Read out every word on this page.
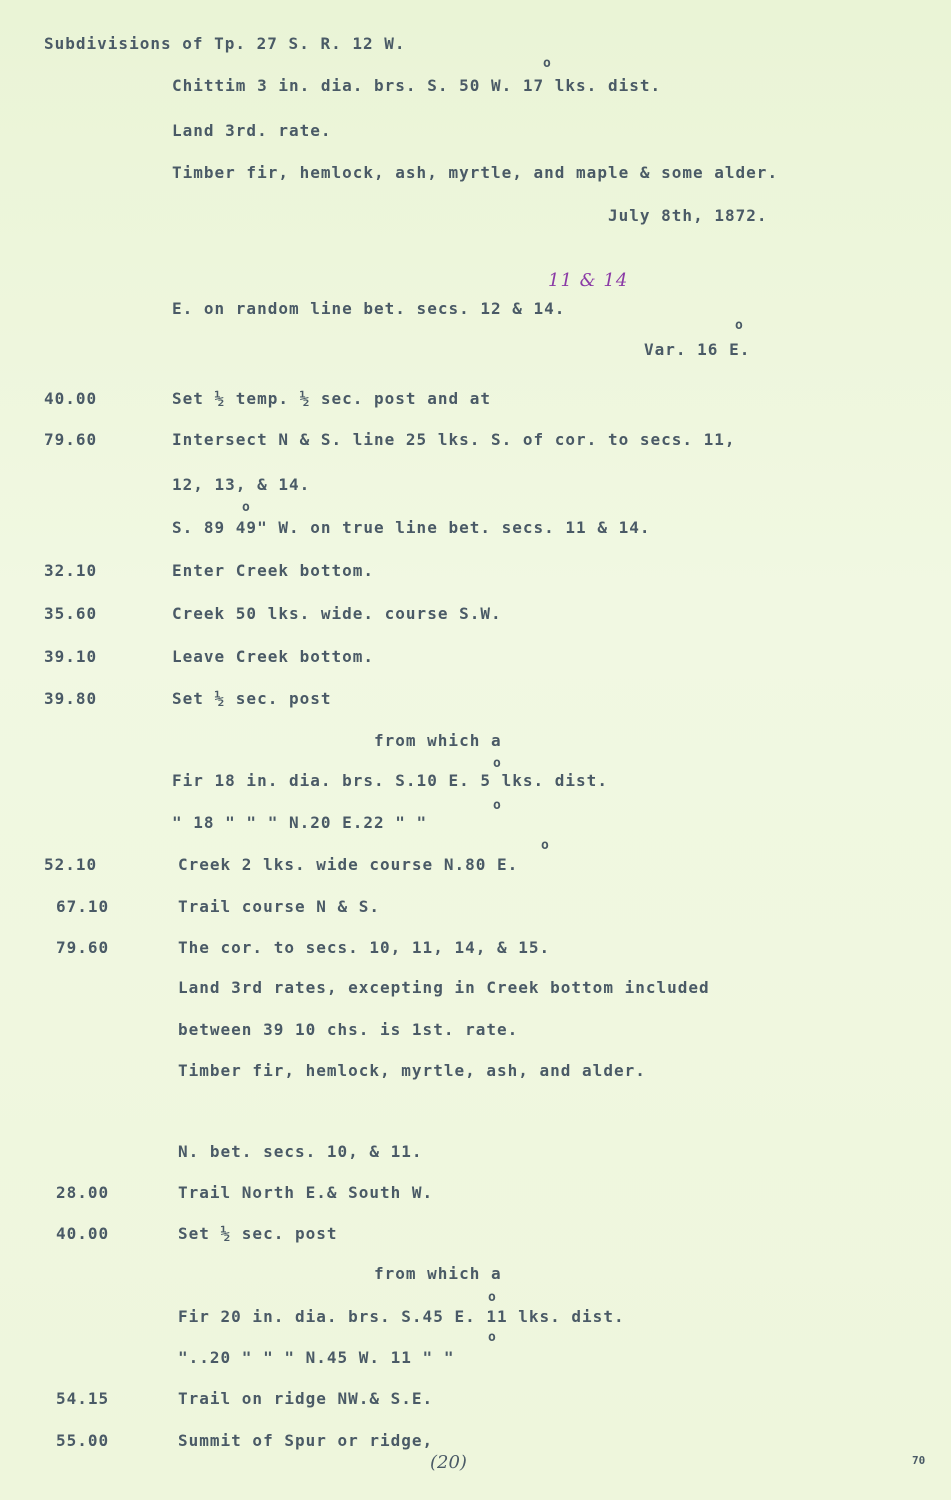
Subdivisions of Tp. 27 S. R. 12 W.
o
Chittim 3 in. dia. brs. S. 50 W. 17 lks. dist.
Land 3rd. rate.
Timber fir, hemlock, ash, myrtle, and maple & some alder.
July 8th, 1872.
11 & 14
E. on random line bet. secs. 12 & 14.
o
Var. 16 E.
40.00	Set ½ temp. ½ sec. post and at
79.60	Intersect N & S. line 25 lks. S. of cor. to secs. 11,
12, 13, & 14.
S. 89 49" W. on true line bet. secs. 11 & 14.
32.10	Enter Creek bottom.
35.60	Creek 50 lks. wide. course S.W.
39.10	Leave Creek bottom.
39.80	Set ½ sec. post
from which a
Fir 18 in. dia. brs. S.10 E. 5 lks. dist.
" 18 " " " N.20 E.22 " "
52.10	Creek 2 lks. wide course N.80 E.
67.10	Trail course N & S.
79.60	The cor. to secs. 10, 11, 14, & 15.
Land 3rd rates, excepting in Creek bottom included
between 39 10 chs. is 1st. rate.
Timber fir, hemlock, myrtle, ash, and alder.
N. bet. secs. 10, & 11.
28.00	Trail North E.& South W.
40.00	Set ½ sec. post
from which a
Fir 20 in. dia. brs. S.45 E. 11 lks. dist.
"..20 " " " N.45 W. 11 " "
54.15	Trail on ridge NW.& S.E.
55.00	Summit of Spur or ridge,
o
o
o
o
o
o
(20)	70
